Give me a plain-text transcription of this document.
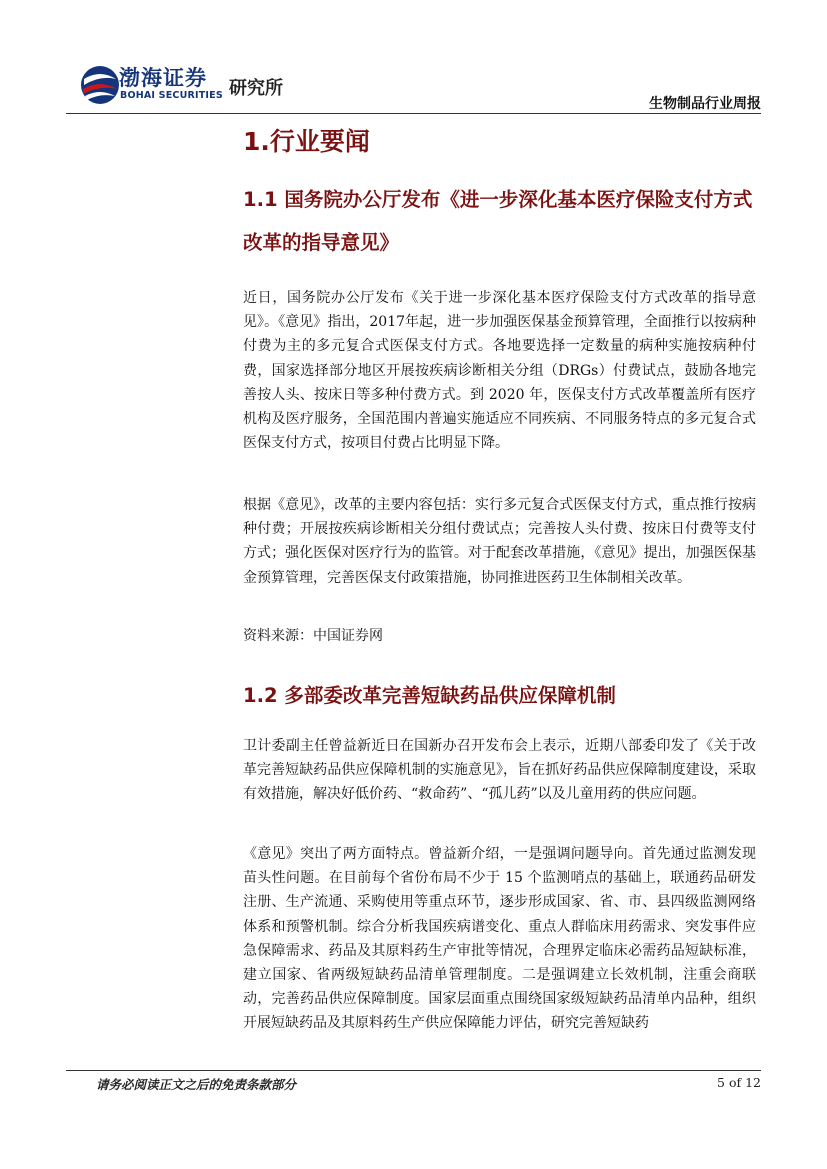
渤海证券
BOHAI SECURITIES 研究所
生物制品行业周报
1.行业要闻
1.1 国务院办公厅发布《进一步深化基本医疗保险支付方式改革的指导意见》

近日，国务院办公厅发布《关于进一步深化基本医疗保险支付方式改革的指导意见》。《意见》指出，2017年起，进一步加强医保基金预算管理，全面推行以按病种付费为主的多元复合式医保支付方式。各地要选择一定数量的病种实施按病种付费，国家选择部分地区开展按疾病诊断相关分组（DRGs）付费试点，鼓励各地完善按人头、按床日等多种付费方式。到 2020 年，医保支付方式改革覆盖所有医疗机构及医疗服务，全国范围内普遍实施适应不同疾病、不同服务特点的多元复合式医保支付方式，按项目付费占比明显下降。

根据《意见》，改革的主要内容包括：实行多元复合式医保支付方式，重点推行按病种付费；开展按疾病诊断相关分组付费试点；完善按人头付费、按床日付费等支付方式；强化医保对医疗行为的监管。对于配套改革措施，《意见》提出，加强医保基金预算管理，完善医保支付政策措施，协同推进医药卫生体制相关改革。

资料来源：中国证券网

1.2 多部委改革完善短缺药品供应保障机制

卫计委副主任曾益新近日在国新办召开发布会上表示，近期八部委印发了《关于改革完善短缺药品供应保障机制的实施意见》，旨在抓好药品供应保障制度建设，采取有效措施，解决好低价药、“救命药”、“孤儿药”以及儿童用药的供应问题。

《意见》突出了两方面特点。曾益新介绍，一是强调问题导向。首先通过监测发现苗头性问题。在目前每个省份布局不少于 15 个监测哨点的基础上，联通药品研发注册、生产流通、采购使用等重点环节，逐步形成国家、省、市、县四级监测网络体系和预警机制。综合分析我国疾病谱变化、重点人群临床用药需求、突发事件应急保障需求、药品及其原料药生产审批等情况，合理界定临床必需药品短缺标准，建立国家、省两级短缺药品清单管理制度。二是强调建立长效机制，注重会商联动，完善药品供应保障制度。国家层面重点围绕国家级短缺药品清单内品种，组织开展短缺药品及其原料药生产供应保障能力评估，研究完善短缺药

请务必阅读正文之后的免责条款部分	5 of 12
